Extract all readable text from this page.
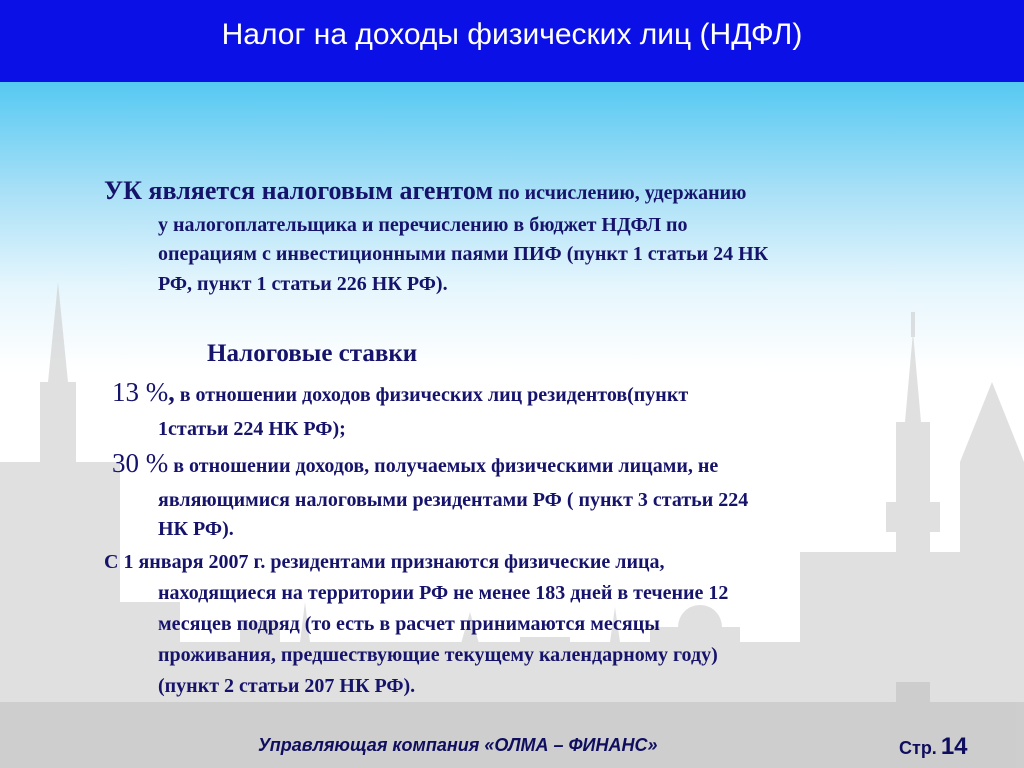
Налог на доходы физических лиц (НДФЛ)

УК является налоговым агентом по исчислению, удержанию

у налогоплательщика и перечислению в бюджет НДФЛ по

операциям с инвестиционными паями ПИФ (пункт 1 статьи 24 НК

РФ, пункт 1 статьи 226 НК РФ).

Налоговые ставки

13 %, в отношении доходов физических лиц резидентов(пункт

1статьи 224 НК РФ);

30 % в отношении доходов, получаемых физическими лицами, не

являющимися налоговыми резидентами РФ ( пункт 3 статьи 224

НК РФ).

С 1 января 2007 г. резидентами признаются физические лица,

находящиеся на территории РФ не менее 183 дней в течение 12

месяцев подряд (то есть в расчет принимаются месяцы

проживания, предшествующие текущему календарному году)

(пункт 2 статьи 207 НК РФ).

Управляющая компания «ОЛМА – ФИНАНС»	Стр. 14
